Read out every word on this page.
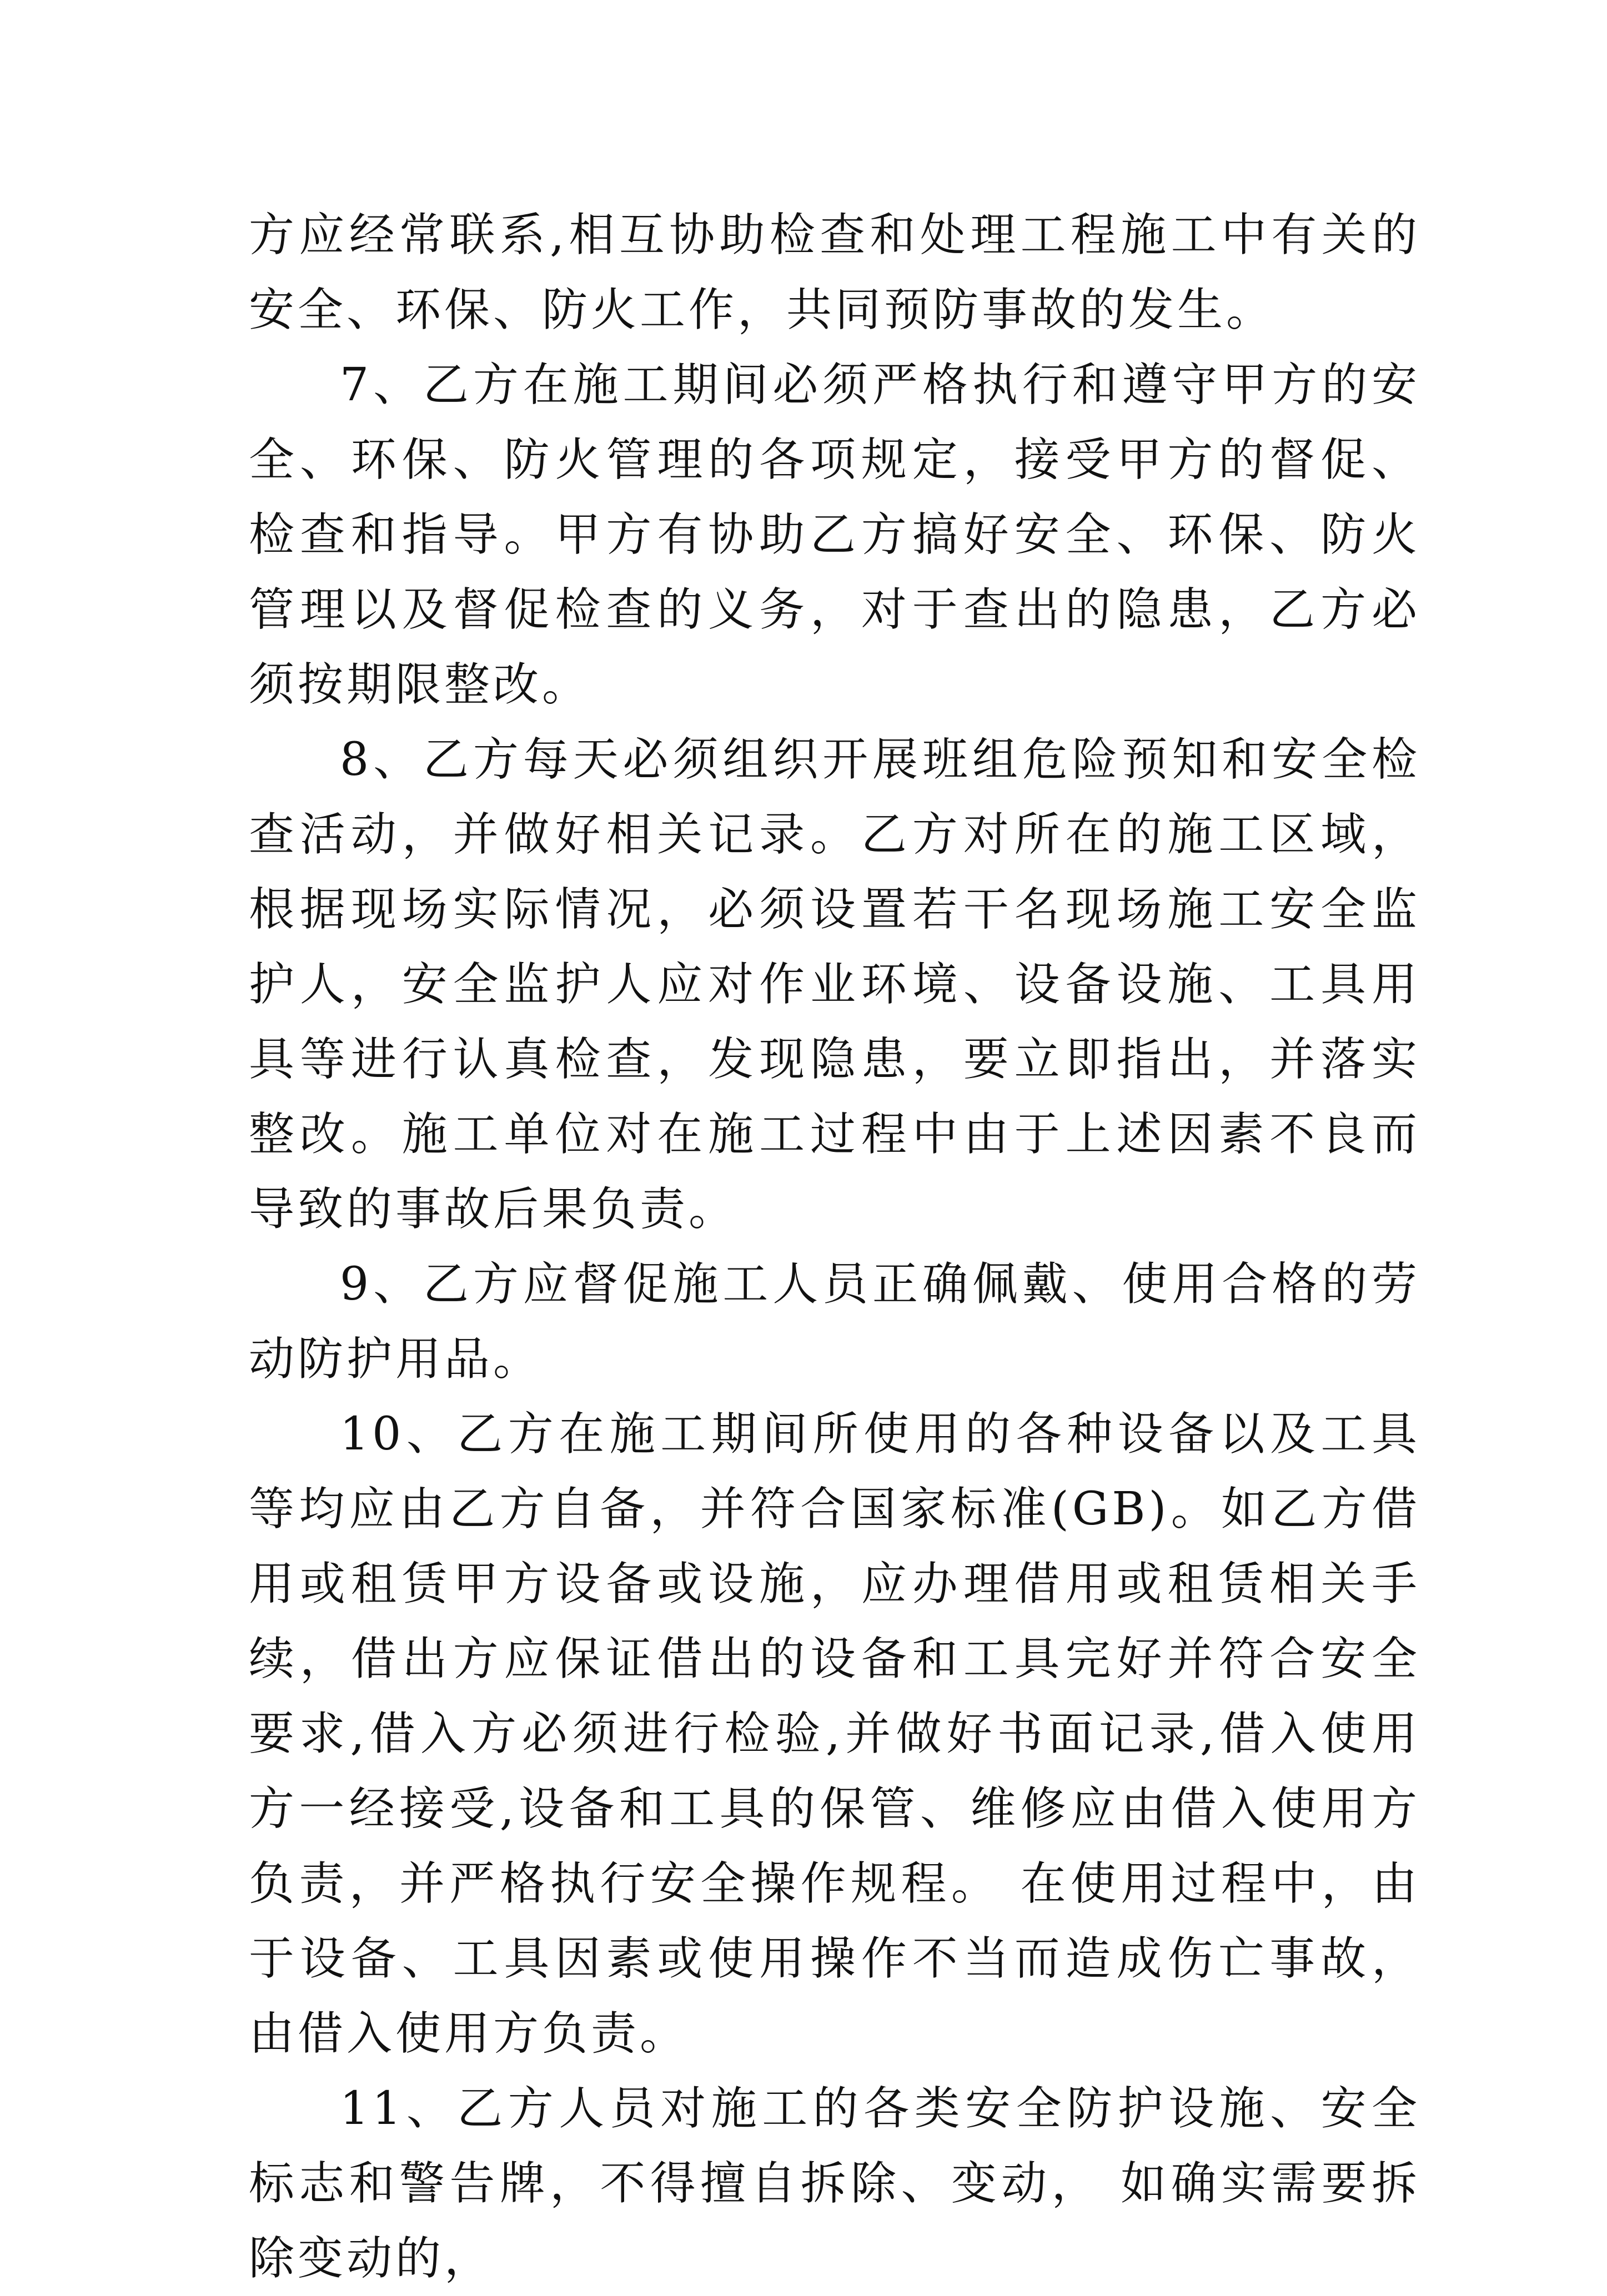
方应经常联系,相互协助检查和处理工程施工中有关的安全、环保、防火工作，共同预防事故的发生。

7、乙方在施工期间必须严格执行和遵守甲方的安全、环保、防火管理的各项规定，接受甲方的督促、检查和指导。甲方有协助乙方搞好安全、环保、防火管理以及督促检查的义务，对于查出的隐患，乙方必须按期限整改。

8、乙方每天必须组织开展班组危险预知和安全检查活动，并做好相关记录。乙方对所在的施工区域，根据现场实际情况，必须设置若干名现场施工安全监护人，安全监护人应对作业环境、设备设施、工具用具等进行认真检查，发现隐患，要立即指出，并落实整改。施工单位对在施工过程中由于上述因素不良而导致的事故后果负责。

9、乙方应督促施工人员正确佩戴、使用合格的劳动防护用品。

10、乙方在施工期间所使用的各种设备以及工具等均应由乙方自备，并符合国家标准(GB)。如乙方借用或租赁甲方设备或设施，应办理借用或租赁相关手续，借出方应保证借出的设备和工具完好并符合安全要求,借入方必须进行检验,并做好书面记录,借入使用方一经接受,设备和工具的保管、维修应由借入使用方负责，并严格执行安全操作规程。 在使用过程中，由于设备、工具因素或使用操作不当而造成伤亡事故，由借入使用方负责。

11、乙方人员对施工的各类安全防护设施、安全标志和警告牌，不得擅自拆除、变动， 如确实需要拆除变动的，
